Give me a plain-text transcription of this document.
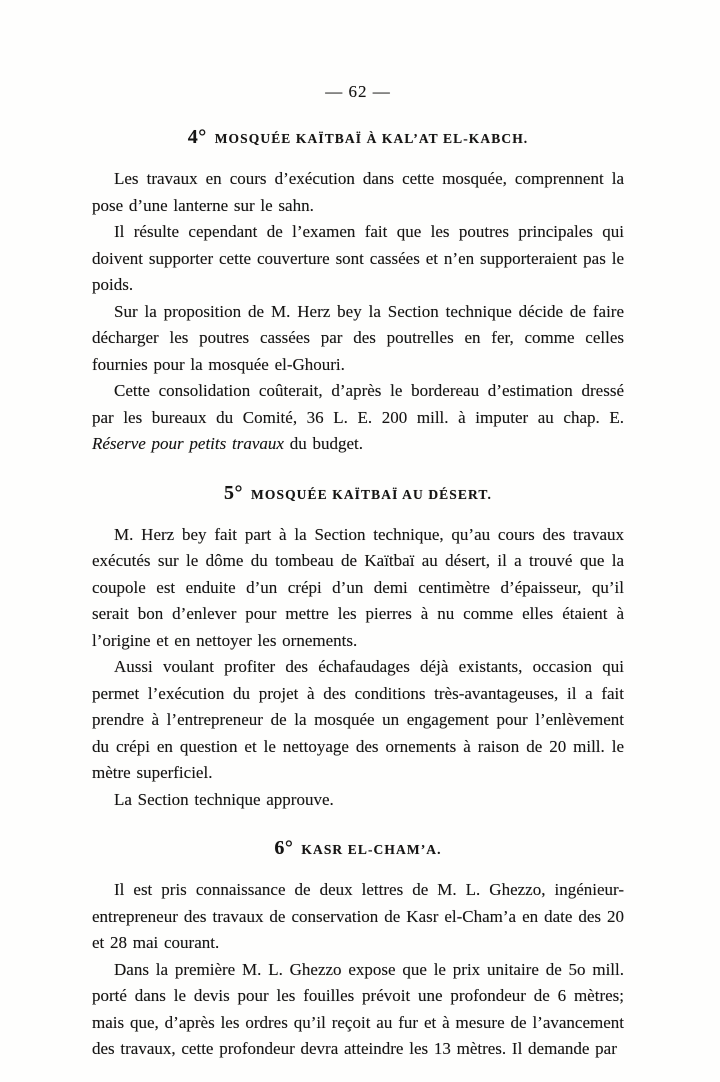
— 62 —
4° MOSQUÉE KAÏTBAÏ À KAL’AT EL-KABCH.

Les travaux en cours d’exécution dans cette mosquée, comprennent la pose d’une lanterne sur le sahn.

Il résulte cependant de l’examen fait que les poutres principales qui doivent supporter cette couverture sont cassées et n’en supporteraient pas le poids.

Sur la proposition de M. Herz bey la Section technique décide de faire décharger les poutres cassées par des poutrelles en fer, comme celles fournies pour la mosquée el-Ghouri.

Cette consolidation coûterait, d’après le bordereau d’estimation dressé par les bureaux du Comité, 36 L. E. 200 mill. à imputer au chap. E. Réserve pour petits travaux du budget.

5° MOSQUÉE KAÏTBAÏ AU DÉSERT.

M. Herz bey fait part à la Section technique, qu’au cours des travaux exécutés sur le dôme du tombeau de Kaïtbaï au désert, il a trouvé que la coupole est enduite d’un crépi d’un demi centimètre d’épaisseur, qu’il serait bon d’enlever pour mettre les pierres à nu comme elles étaient à l’origine et en nettoyer les ornements.

Aussi voulant profiter des échafaudages déjà existants, occasion qui permet l’exécution du projet à des conditions très-avantageuses, il a fait prendre à l’entrepreneur de la mosquée un engagement pour l’enlèvement du crépi en question et le nettoyage des ornements à raison de 20 mill. le mètre superficiel.

La Section technique approuve.

6° KASR EL-CHAM’A.

Il est pris connaissance de deux lettres de M. L. Ghezzo, ingénieur-entrepreneur des travaux de conservation de Kasr el-Cham’a en date des 20 et 28 mai courant.

Dans la première M. L. Ghezzo expose que le prix unitaire de 5o mill. porté dans le devis pour les fouilles prévoit une profondeur de 6 mètres; mais que, d’après les ordres qu’il reçoit au fur et à mesure de l’avancement des travaux, cette profondeur devra atteindre les 13 mètres. Il demande par
